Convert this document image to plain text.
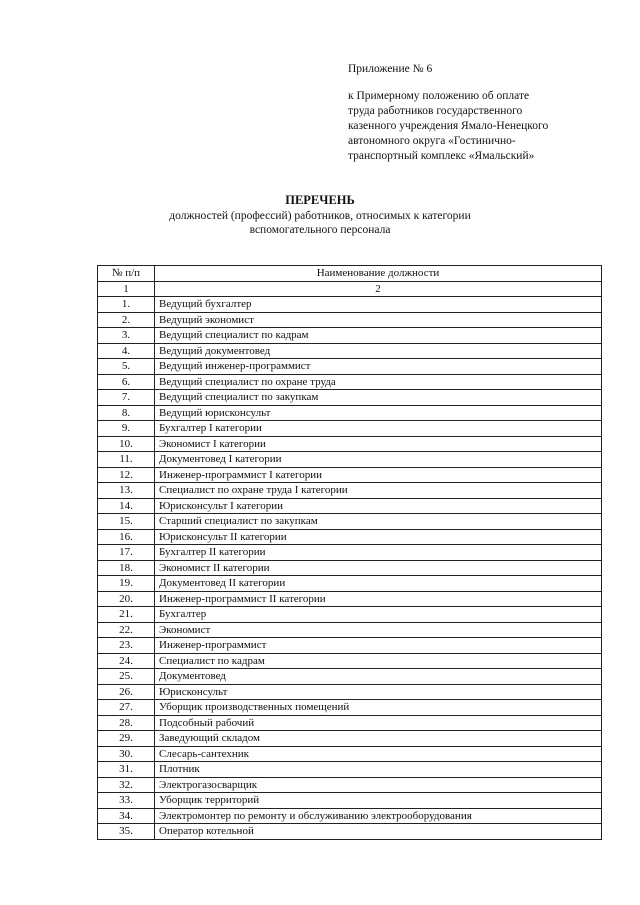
Приложение № 6
к Примерному положению об оплате
труда работников государственного
казенного учреждения Ямало-Ненецкого
автономного округа «Гостинично-
транспортный комплекс «Ямальский»
ПЕРЕЧЕНЬ
должностей (профессий) работников, относимых к категории вспомогательного персонала
№ п/п	Наименование должности
1	2
1.	Ведущий бухгалтер
2.	Ведущий экономист
3.	Ведущий специалист по кадрам
4.	Ведущий документовед
5.	Ведущий инженер-программист
6.	Ведущий специалист по охране труда
7.	Ведущий специалист по закупкам
8.	Ведущий юрисконсульт
9.	Бухгалтер I категории
10.	Экономист I категории
11.	Документовед I категории
12.	Инженер-программист I категории
13.	Специалист по охране труда I категории
14.	Юрисконсульт I категории
15.	Старший специалист по закупкам
16.	Юрисконсульт II категории
17.	Бухгалтер II категории
18.	Экономист II категории
19.	Документовед II категории
20.	Инженер-программист II категории
21.	Бухгалтер
22.	Экономист
23.	Инженер-программист
24.	Специалист по кадрам
25.	Документовед
26.	Юрисконсульт
27.	Уборщик производственных помещений
28.	Подсобный рабочий
29.	Заведующий складом
30.	Слесарь-сантехник
31.	Плотник
32.	Электрогазосварщик
33.	Уборщик территорий
34.	Электромонтер по ремонту и обслуживанию электрооборудования
35.	Оператор котельной
